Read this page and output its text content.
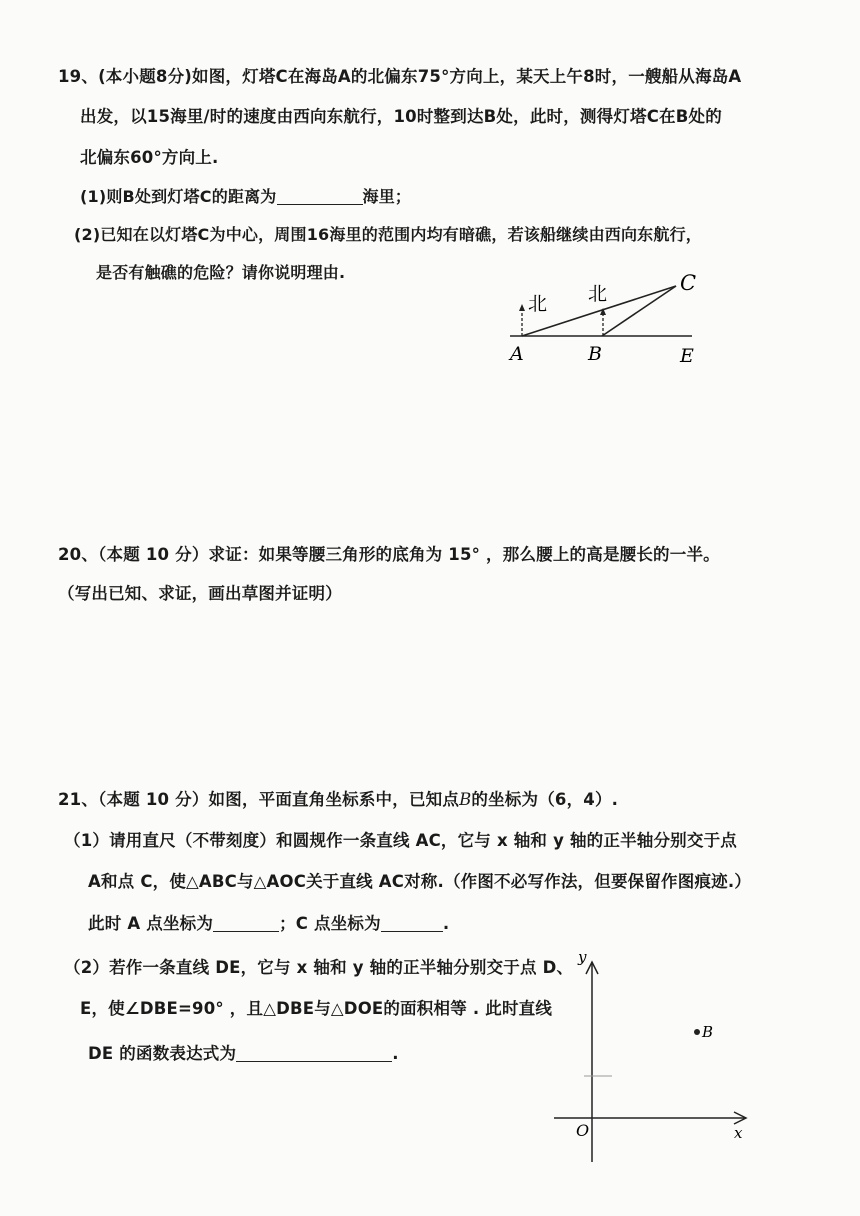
19、(本小题8分)如图，灯塔C在海岛A的北偏东75°方向上，某天上午8时，一艘船从海岛A
出发，以15海里/时的速度由西向东航行，10时整到达B处，此时，测得灯塔C在B处的
北偏东60°方向上.
(1)则B处到灯塔C的距离为	海里；
(2)已知在以灯塔C为中心，周围16海里的范围内均有暗礁，若该船继续由西向东航行，
是否有触礁的危险？请你说明理由.
北 北
A	B
C
E
20、（本题 10 分）求证：如果等腰三角形的底角为 15° ，那么腰上的高是腰长的一半。
（写出已知、求证，画出草图并证明）
21、（本题 10 分）如图，平面直角坐标系中，已知点B的坐标为（6，4）.
（1）请用直尺（不带刻度）和圆规作一条直线 AC，它与 x 轴和 y 轴的正半轴分别交于点
A和点 C，使△ABC与△AOC关于直线 AC对称.（作图不必写作法，但要保留作图痕迹.）
此时 A 点坐标为	；C 点坐标为	.
（2）若作一条直线 DE，它与 x 轴和 y 轴的正半轴分别交于点 D、
E，使∠DBE=90° ，且△DBE与△DOE的面积相等 . 此时直线
DE 的函数表达式为	.
y
x
O
B
